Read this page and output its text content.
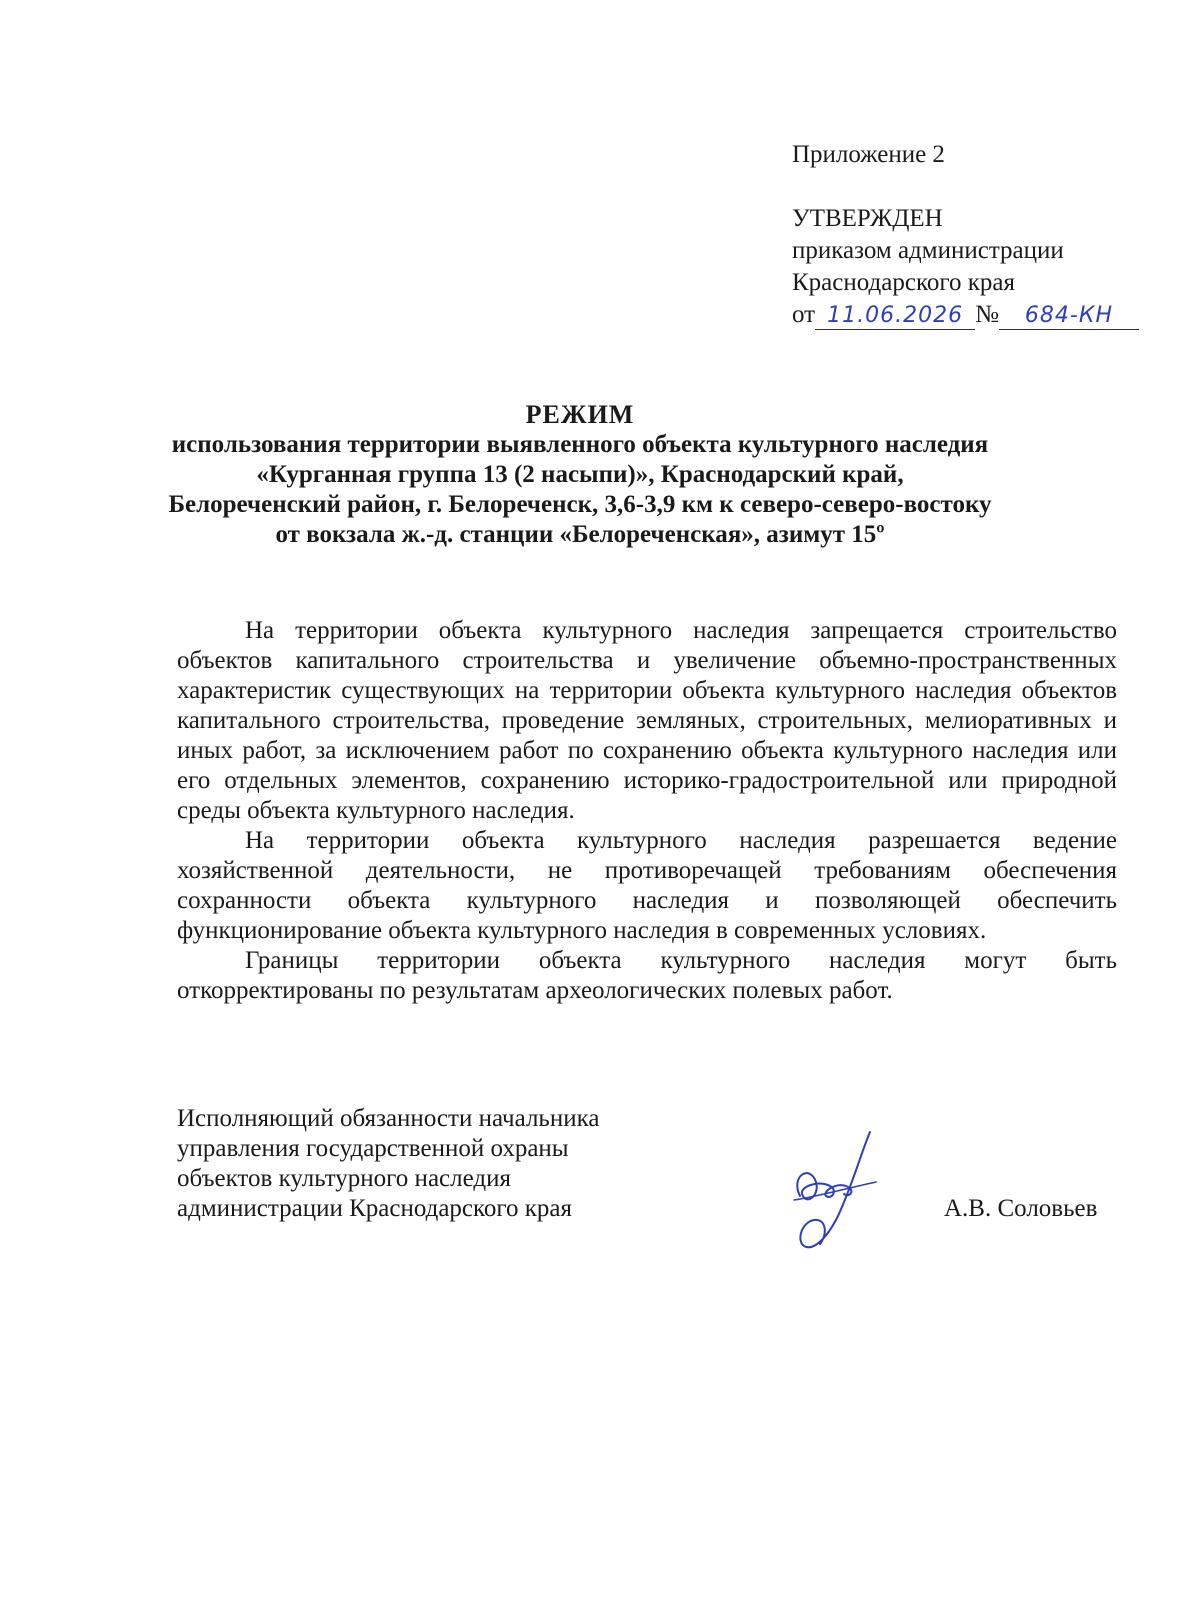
Приложение 2
УТВЕРЖДЕН
приказом администрации
Краснодарского края
от 11.06.2026 № 684-КН
РЕЖИМ
использования территории выявленного объекта культурного наследия
«Курганная группа 13 (2 насыпи)», Краснодарский край,
Белореченский район, г. Белореченск, 3,6-3,9 км к северо-северо-востоку
от вокзала ж.-д. станции «Белореченская», азимут 15º

На территории объекта культурного наследия запрещается строительство объектов капитального строительства и увеличение объемно-пространственных характеристик существующих на территории объекта культурного наследия объектов капитального строительства, проведение земляных, строительных, мелиоративных и иных работ, за исключением работ по сохранению объекта культурного наследия или его отдельных элементов, сохранению историко-градостроительной или природной среды объекта культурного наследия.

На территории объекта культурного наследия разрешается ведение хозяйственной деятельности, не противоречащей требованиям обеспечения сохранности объекта культурного наследия и позволяющей обеспечить функционирование объекта культурного наследия в современных условиях.

Границы территории объекта культурного наследия могут быть откорректированы по результатам археологических полевых работ.

Исполняющий обязанности начальника
управления государственной охраны
объектов культурного наследия
администрации Краснодарского края	А.В. Соловьев
